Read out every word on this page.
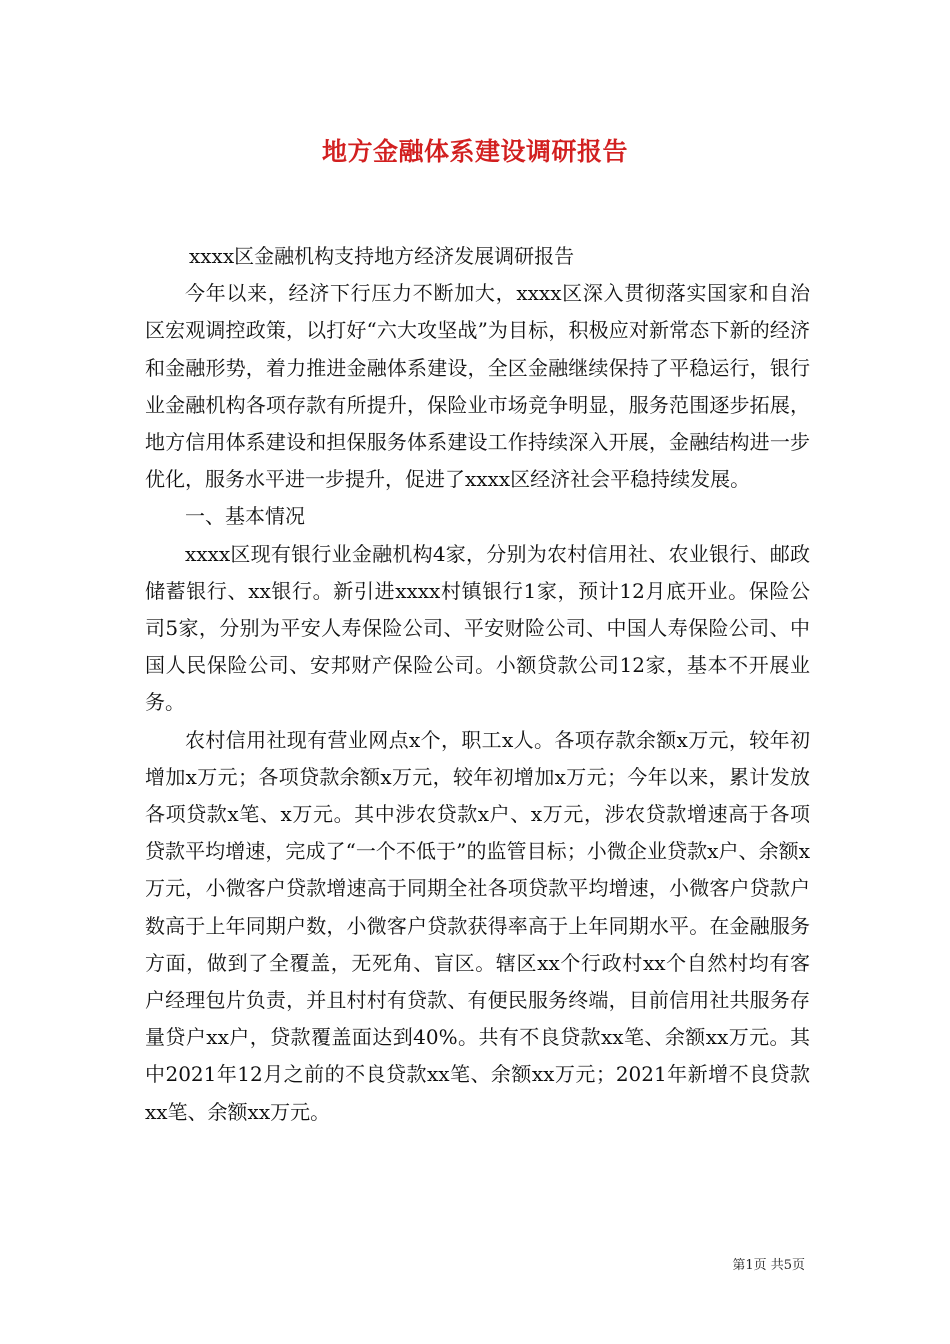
地方金融体系建设调研报告

xxxx区金融机构支持地方经济发展调研报告

今年以来，经济下行压力不断加大，xxxx区深入贯彻落实国家和自治区宏观调控政策，以打好“六大攻坚战”为目标，积极应对新常态下新的经济和金融形势，着力推进金融体系建设，全区金融继续保持了平稳运行，银行业金融机构各项存款有所提升，保险业市场竞争明显，服务范围逐步拓展，地方信用体系建设和担保服务体系建设工作持续深入开展，金融结构进一步优化，服务水平进一步提升，促进了xxxx区经济社会平稳持续发展。

一、基本情况

xxxx区现有银行业金融机构4家，分别为农村信用社、农业银行、邮政储蓄银行、xx银行。新引进xxxx村镇银行1家，预计12月底开业。保险公司5家，分别为平安人寿保险公司、平安财险公司、中国人寿保险公司、中国人民保险公司、安邦财产保险公司。小额贷款公司12家，基本不开展业务。

农村信用社现有营业网点x个，职工x人。各项存款余额x万元，较年初增加x万元；各项贷款余额x万元，较年初增加x万元；今年以来，累计发放各项贷款x笔、x万元。其中涉农贷款x户、x万元，涉农贷款增速高于各项贷款平均增速，完成了“一个不低于”的监管目标；小微企业贷款x户、余额x万元，小微客户贷款增速高于同期全社各项贷款平均增速，小微客户贷款户数高于上年同期户数，小微客户贷款获得率高于上年同期水平。在金融服务方面，做到了全覆盖，无死角、盲区。辖区xx个行政村xx个自然村均有客户经理包片负责，并且村村有贷款、有便民服务终端，目前信用社共服务存量贷户xx户，贷款覆盖面达到40%。共有不良贷款xx笔、余额xx万元。其中2021年12月之前的不良贷款xx笔、余额xx万元；2021年新增不良贷款xx笔、余额xx万元。

第1页 共5页
